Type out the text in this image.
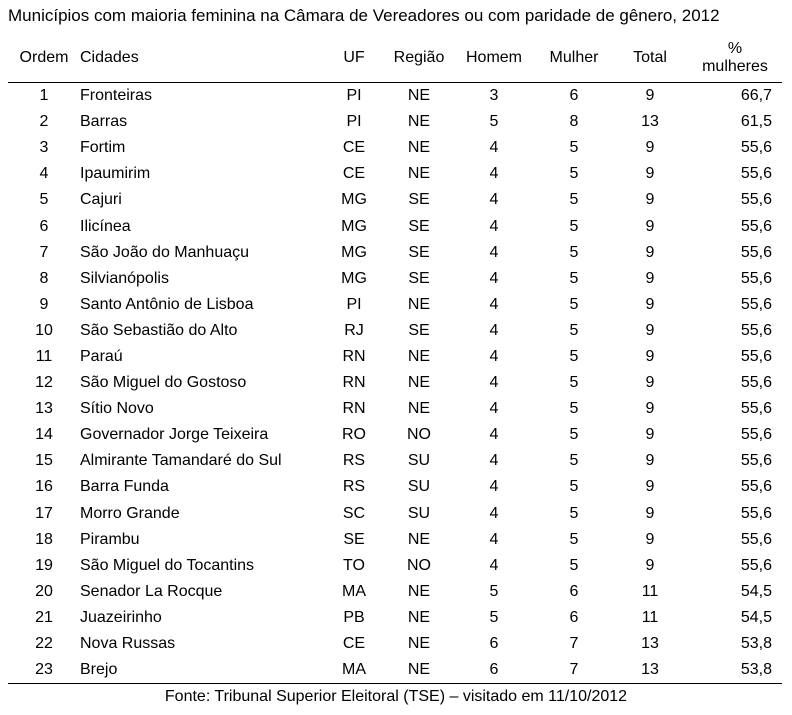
Municípios com maioria feminina na Câmara de Vereadores ou com paridade de gênero, 2012
Ordem	Cidades	UF	Região	Homem	Mulher	Total	%
mulheres

1	Fronteiras	PI	NE	3	6	9	66,7
2	Barras	PI	NE	5	8	13	61,5
3	Fortim	CE	NE	4	5	9	55,6
4	Ipaumirim	CE	NE	4	5	9	55,6
5	Cajuri	MG	SE	4	5	9	55,6
6	Ilicínea	MG	SE	4	5	9	55,6
7	São João do Manhuaçu	MG	SE	4	5	9	55,6
8	Silvianópolis	MG	SE	4	5	9	55,6
9	Santo Antônio de Lisboa	PI	NE	4	5	9	55,6
10	São Sebastião do Alto	RJ	SE	4	5	9	55,6
11	Paraú	RN	NE	4	5	9	55,6
12	São Miguel do Gostoso	RN	NE	4	5	9	55,6
13	Sítio Novo	RN	NE	4	5	9	55,6
14	Governador Jorge Teixeira	RO	NO	4	5	9	55,6
15	Almirante Tamandaré do Sul	RS	SU	4	5	9	55,6
16	Barra Funda	RS	SU	4	5	9	55,6
17	Morro Grande	SC	SU	4	5	9	55,6
18	Pirambu	SE	NE	4	5	9	55,6
19	São Miguel do Tocantins	TO	NO	4	5	9	55,6
20	Senador La Rocque	MA	NE	5	6	11	54,5
21	Juazeirinho	PB	NE	5	6	11	54,5
22	Nova Russas	CE	NE	6	7	13	53,8
23	Brejo	MA	NE	6	7	13	53,8
Fonte: Tribunal Superior Eleitoral (TSE) – visitado em 11/10/2012
